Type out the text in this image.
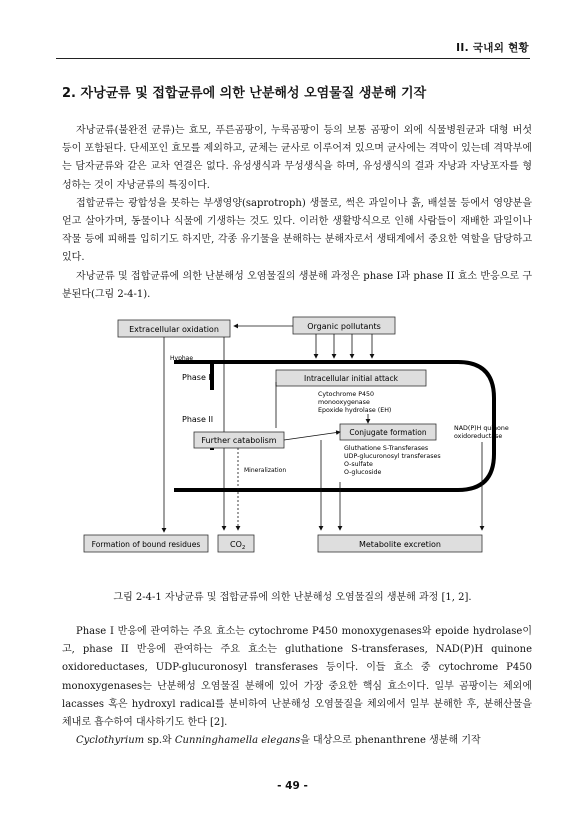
II. 국내외 현황
2. 자낭균류 및 접합균류에 의한 난분해성 오염물질 생분해 기작

자낭균류(불완전 균류)는 효모, 푸른곰팡이, 누룩곰팡이 등의 보통 곰팡이 외에 식물병원균과 대형 버섯 등이 포함된다. 단세포인 효모를 제외하고, 균체는 균사로 이루어져 있으며 균사에는 격막이 있는데 격막부에는 담자균류와 같은 교차 연결은 없다. 유성생식과 무성생식을 하며, 유성생식의 결과 자낭과 자낭포자를 형성하는 것이 자낭균류의 특징이다.

접합균류는 광합성을 못하는 부생영양(saprotroph) 생물로, 썩은 과일이나 흙, 배설물 등에서 영양분을 얻고 살아가며, 동물이나 식물에 기생하는 것도 있다. 이러한 생활방식으로 인해 사람들이 재배한 과일이나 작물 등에 피해를 입히기도 하지만, 각종 유기물을 분해하는 분해자로서 생태계에서 중요한 역할을 담당하고 있다.

자낭균류 및 접합균류에 의한 난분해성 오염물질의 생분해 과정은 phase I과 phase II 효소 반응으로 구분된다(그림 2-4-1).

Extracellular oxidation	Organic pollutants
Hyphae
Phase I
Phase II
Intracellular initial attack
Cytochrome P450
monooxygenase
Epoxide hydrolase (EH)
NAD(P)H quinone
oxidoreductase
Further catabolism
Conjugate formation
Gluthatione S-Transferases
UDP-glucuronosyl transferases
O-sulfate
O-glucoside
Mineralization
Formation of bound residues	$CO_2$	Metabolite excretion
그림 2-4-1 자낭균류 및 접합균류에 의한 난분해성 오염물질의 생분해 과정 [1, 2].

Phase I 반응에 관여하는 주요 효소는 cytochrome P450 monoxygenases와 epoide hydrolase이고, phase II 반응에 관여하는 주요 효소는 gluthatione S-transferases, NAD(P)H quinone oxidoreductases, UDP-glucuronosyl transferases 등이다. 이들 효소 중 cytochrome P450 monoxygenases는 난분해성 오염물질 분해에 있어 가장 중요한 핵심 효소이다. 일부 곰팡이는 체외에 lacasses 혹은 hydroxyl radical를 분비하여 난분해성 오염물질을 체외에서 일부 분해한 후, 분해산물을 체내로 흡수하여 대사하기도 한다 [2].

Cyclothyrium sp.와 Cunninghamella elegans을 대상으로 phenanthrene 생분해 기작

- 49 -
